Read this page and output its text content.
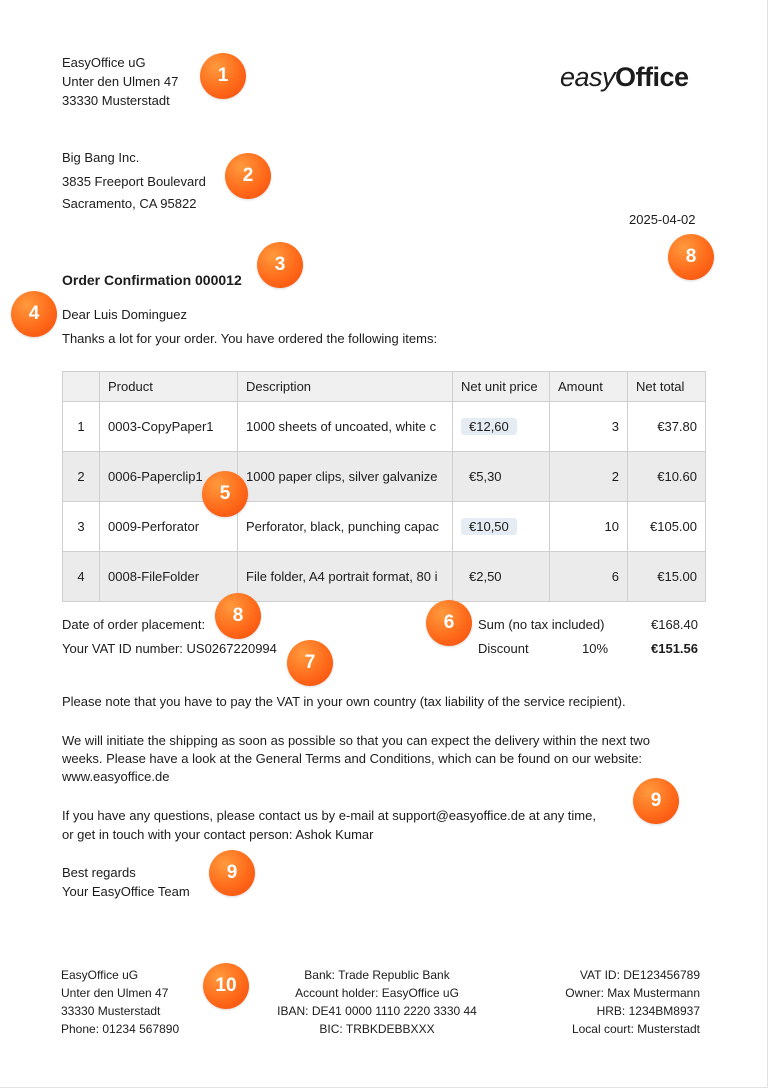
EasyOffice uG
Unter den Ulmen 47
33330 Musterstadt
easyOffice
Big Bang Inc.
3835 Freeport Boulevard
Sacramento, CA 95822
2025-04-02
Order Confirmation 000012
Dear Luis Dominguez
Thanks a lot for your order. You have ordered the following items:
	Product	Description	Net unit price	Amount	Net total
1	0003-CopyPaper1	1000 sheets of uncoated, white c	€12,60	3	€37.80
2	0006-Paperclip1	1000 paper clips, silver galvanize	€5,30	2	€10.60
3	0009-Perforator	Perforator, black, punching capac	€10,50	10	€105.00
4	0008-FileFolder	File folder, A4 portrait format, 80 i	€2,50	6	€15.00
Date of order placement:
Your VAT ID number: US0267220994
Sum (no tax included)	€168.40
Discount	10%	€151.56
Please note that you have to pay the VAT in your own country (tax liability of the service recipient).
We will initiate the shipping as soon as possible so that you can expect the delivery within the next two
weeks. Please have a look at the General Terms and Conditions, which can be found on our website:
www.easyoffice.de
If you have any questions, please contact us by e-mail at support@easyoffice.de at any time,
or get in touch with your contact person: Ashok Kumar
Best regards
Your EasyOffice Team
EasyOffice uG
Unter den Ulmen 47
33330 Musterstadt
Phone: 01234 567890
Bank: Trade Republic Bank
Account holder: EasyOffice uG
IBAN: DE41 0000 1110 2220 3330 44
BIC: TRBKDEBBXXX
VAT ID: DE123456789
Owner: Max Mustermann
HRB: 1234BM8937
Local court: Musterstadt
1
2
3
4
5
6
7
8
8
9
9
10
